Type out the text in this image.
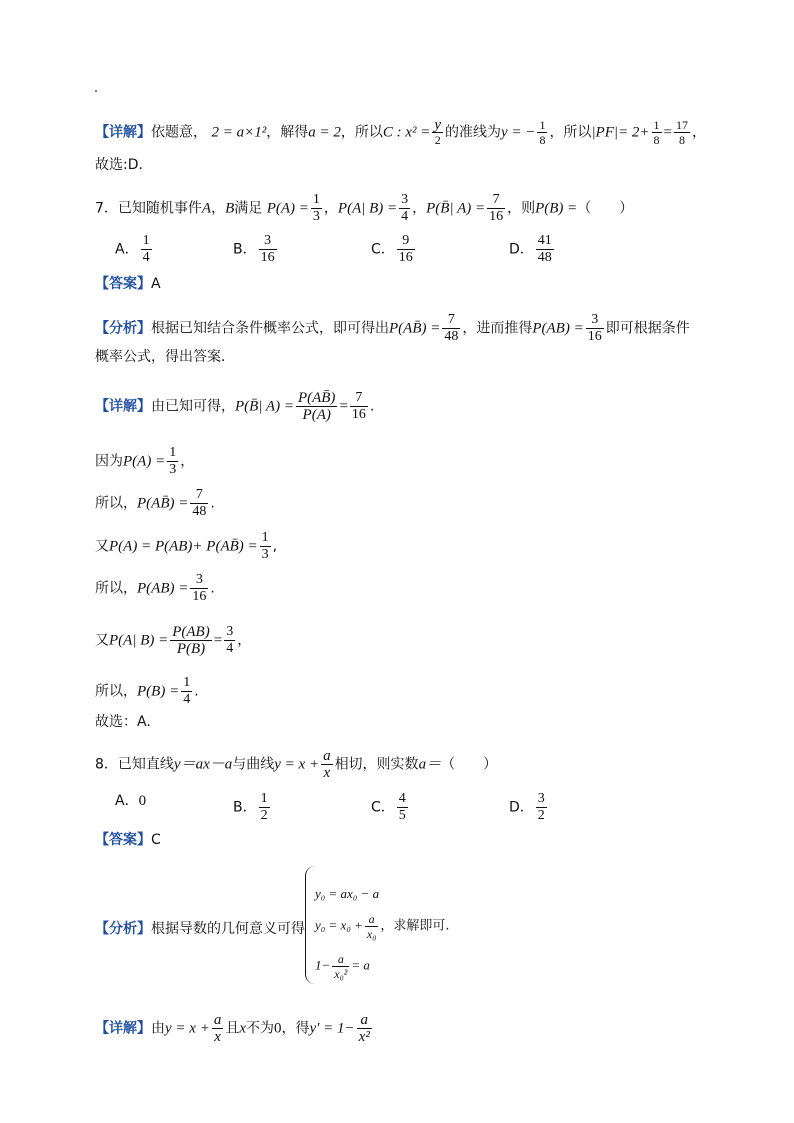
【详解】依题意， 2 = a×1²，解得a = 2，所以C : $x^2 = \frac{y}{2}$ 的准线为y = − $\frac{1}{8}$ ，所以$|PF|= 2+ \frac{1}{8} = \frac{17}{8}$ ，
故选:D．
7．已知随机事件A，B满足 $P(A) = \frac{1}{3}$ ，P(A| $B) = \frac{3}{4}$ ，P(B̄| $A) = \frac{7}{16}$ ，则P(B) =（　　）
A． $\frac{1}{4}$	B． $\frac{3}{16}$	C． $\frac{9}{16}$	D． $\frac{41}{48}$
【答案】A
【分析】根据已知结合条件概率公式，即可得出P(AB̄) = $\frac{7}{48}$ ，进而推得$P(AB) = \frac{3}{16}$ 即可根据条件
概率公式，得出答案．
【详解】由已知可得，P(B̄| $A) = \frac{P(AB̄)}{P(A)} = \frac{7}{16}$ .
因为$P(A) = \frac{1}{3}$ ，
所以，P(AB̄) = $\frac{7}{48}$ .
又P(A) = P(AB)+ P(AB̄) = $\frac{1}{3}$ ,
所以，$P(AB) = \frac{3}{16}$ .
又P(A| $B) = \frac{P(AB)}{P(B)} = \frac{3}{4}$ ，
所以，$P(B) = \frac{1}{4}$ .
故选：A.
8．已知直线y＝ax－a与曲线$y = x + \frac{a}{x}$ 相切，则实数a＝（　　）
A．0	B． $\frac{1}{2}$	C． $\frac{4}{5}$	D． $\frac{3}{2}$
【答案】C
【分析】根据导数的几何意义可得
y₀ = ax₀ − a
$y_0 = x_0 + \frac{a}{\text{x₀}}$ ，求解即可.
$1- \frac{a}{\text{x₀²}} = a$
【详解】由$y = x + \frac{a}{x}$ 且x不为0，得$y' = 1- \frac{a}{\text{x²}}$
